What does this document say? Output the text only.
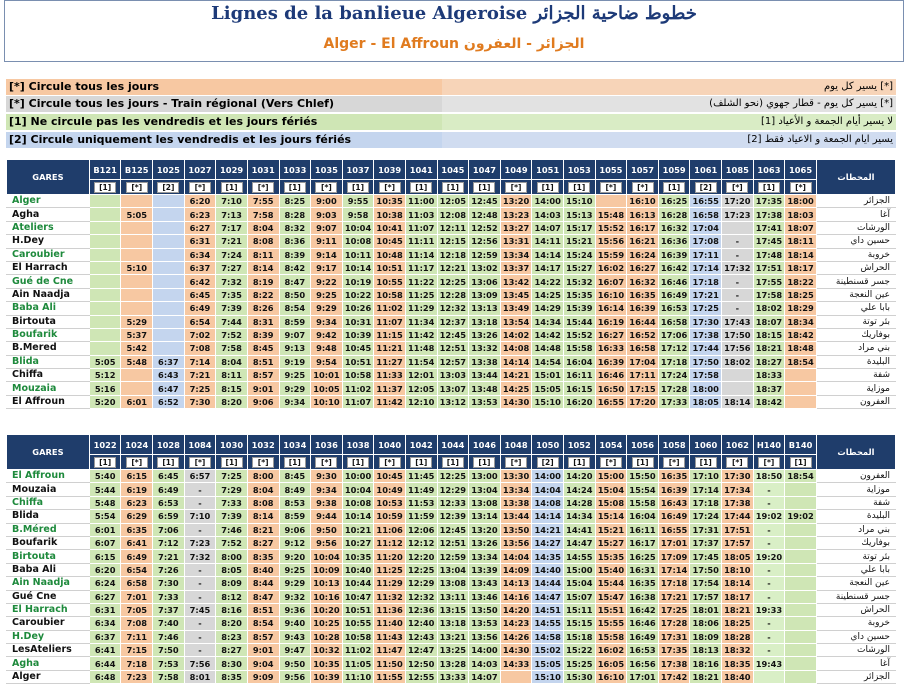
Lignes de la banlieue Algeroise خطوط ضاحية الجزائر
Alger - El Affroun الجزائر - العفرون
[*] Circule tous les jours	يسير كل يوم [*]
[*] Circule tous les jours - Train régional (Vers Chlef)	يسير كل يوم - قطار جهوي (نحو الشلف) [*]
[1] Ne circule pas les vendredis et les jours fériés	لا يسير أيام الجمعة و الأعياد [1]
[2] Circule uniquement les vendredis et les jours fériés	يسير ايام الجمعة و الاعياد فقط [2]
GARES	B121	B125	1025	1027	1029	1031	1033	1035	1037	1039	1041	1045	1047	1049	1051	1053	1055	1057	1059	1061	1085	1063	1065	المحطات
	[1]	[*]	[2]	[*]	[1]	[*]	[1]	[*]	[1]	[*]	[1]	[1]	[1]	[*]	[1]	[1]	[*]	[*]	[1]	[2]	[*]	[1]	[*]	
Alger				6:20	7:10	7:55	8:25	9:00	9:55	10:35	11:00	12:05	12:45	13:20	14:00	15:10		16:10	16:25	16:55	17:20	17:35	18:00	الجزائر
Agha		5:05		6:23	7:13	7:58	8:28	9:03	9:58	10:38	11:03	12:08	12:48	13:23	14:03	15:13	15:48	16:13	16:28	16:58	17:23	17:38	18:03	آغا
Ateliers				6:27	7:17	8:04	8:32	9:07	10:04	10:41	11:07	12:11	12:52	13:27	14:07	15:17	15:52	16:17	16:32	17:04		17:41	18:07	الورشات
H.Dey				6:31	7:21	8:08	8:36	9:11	10:08	10:45	11:11	12:15	12:56	13:31	14:11	15:21	15:56	16:21	16:36	17:08	-	17:45	18:11	حسين داي
Caroubier				6:34	7:24	8:11	8:39	9:14	10:11	10:48	11:14	12:18	12:59	13:34	14:14	15:24	15:59	16:24	16:39	17:11	-	17:48	18:14	خروبة
El Harrach		5:10		6:37	7:27	8:14	8:42	9:17	10:14	10:51	11:17	12:21	13:02	13:37	14:17	15:27	16:02	16:27	16:42	17:14	17:32	17:51	18:17	الحراش
Gué de Cne				6:42	7:32	8:19	8:47	9:22	10:19	10:55	11:22	12:25	13:06	13:42	14:22	15:32	16:07	16:32	16:46	17:18	-	17:55	18:22	جسر قسنطينة
Ain Naadja				6:45	7:35	8:22	8:50	9:25	10:22	10:58	11:25	12:28	13:09	13:45	14:25	15:35	16:10	16:35	16:49	17:21	-	17:58	18:25	عين النعجة
Baba Ali				6:49	7:39	8:26	8:54	9:29	10:26	11:02	11:29	12:32	13:13	13:49	14:29	15:39	16:14	16:39	16:53	17:25	-	18:02	18:29	بابا علي
Birtouta		5:29		6:54	7:44	8:31	8:59	9:34	10:31	11:07	11:34	12:37	13:18	13:54	14:34	15:44	16:19	16:44	16:58	17:30	17:43	18:07	18:34	بئر توتة
Boufarik		5:37		7:02	7:52	8:39	9:07	9:42	10:39	11:15	11:42	12:45	13:26	14:02	14:42	15:52	16:27	16:52	17:06	17:38	17:50	18:15	18:42	بوفاريك
B.Mered		5:42		7:08	7:58	8:45	9:13	9:48	10:45	11:21	11:48	12:51	13:32	14:08	14:48	15:58	16:33	16:58	17:12	17:44	17:56	18:21	18:48	بني مراد
Blida	5:05	5:48	6:37	7:14	8:04	8:51	9:19	9:54	10:51	11:27	11:54	12:57	13:38	14:14	14:54	16:04	16:39	17:04	17:18	17:50	18:02	18:27	18:54	البليدة
Chiffa	5:12		6:43	7:21	8:11	8:57	9:25	10:01	10:58	11:33	12:01	13:03	13:44	14:21	15:01	16:11	16:46	17:11	17:24	17:58		18:33		شفة
Mouzaia	5:16		6:47	7:25	8:15	9:01	9:29	10:05	11:02	11:37	12:05	13:07	13:48	14:25	15:05	16:15	16:50	17:15	17:28	18:00		18:37		موزاية
El Affroun	5:20	6:01	6:52	7:30	8:20	9:06	9:34	10:10	11:07	11:42	12:10	13:12	13:53	14:30	15:10	16:20	16:55	17:20	17:33	18:05	18:14	18:42		العفرون
GARES	1022	1024	1028	1084	1030	1032	1034	1036	1038	1040	1042	1044	1046	1048	1050	1052	1054	1056	1058	1060	1062	H140	B140	المحطات
	[1]	[*]	[1]	[*]	[1]	[*]	[1]	[*]	[1]	[*]	[1]	[1]	[1]	[*]	[2]	[1]	[*]	[1]	[*]	[1]	[*]	[*]	[1]	
El Affroun	5:40	6:15	6:45	6:57	7:25	8:00	8:45	9:30	10:00	10:45	11:45	12:25	13:00	13:30	14:00	14:20	15:00	15:50	16:35	17:10	17:30	18:50	18:54	العفرون
Mouzaia	5:44	6:19	6:49	-	7:29	8:04	8:49	9:34	10:04	10:49	11:49	12:29	13:04	13:34	14:04	14:24	15:04	15:54	16:39	17:14	17:34	-		موزاية
Chiffa	5:48	6:23	6:53	-	7:33	8:08	8:53	9:38	10:08	10:53	11:53	12:33	13:08	13:38	14:08	14:28	15:08	15:58	16:43	17:18	17:38	-		شفة
Blida	5:54	6:29	6:59	7:10	7:39	8:14	8:59	9:44	10:14	10:59	11:59	12:39	13:14	13:44	14:14	14:34	15:14	16:04	16:49	17:24	17:44	19:02	19:02	البليدة
B.Méred	6:01	6:35	7:06	-	7:46	8:21	9:06	9:50	10:21	11:06	12:06	12:45	13:20	13:50	14:21	14:41	15:21	16:11	16:55	17:31	17:51	-		بني مراد
Boufarik	6:07	6:41	7:12	7:23	7:52	8:27	9:12	9:56	10:27	11:12	12:12	12:51	13:26	13:56	14:27	14:47	15:27	16:17	17:01	17:37	17:57	-		بوفاريك
Birtouta	6:15	6:49	7:21	7:32	8:00	8:35	9:20	10:04	10:35	11:20	12:20	12:59	13:34	14:04	14:35	14:55	15:35	16:25	17:09	17:45	18:05	19:20		بئر توتة
Baba Ali	6:20	6:54	7:26	-	8:05	8:40	9:25	10:09	10:40	11:25	12:25	13:04	13:39	14:09	14:40	15:00	15:40	16:31	17:14	17:50	18:10	-		بابا علي
Ain Naadja	6:24	6:58	7:30	-	8:09	8:44	9:29	10:13	10:44	11:29	12:29	13:08	13:43	14:13	14:44	15:04	15:44	16:35	17:18	17:54	18:14	-		عين النعجة
Gué Cne	6:27	7:01	7:33	-	8:12	8:47	9:32	10:16	10:47	11:32	12:32	13:11	13:46	14:16	14:47	15:07	15:47	16:38	17:21	17:57	18:17	-		جسر قسنطينة
El Harrach	6:31	7:05	7:37	7:45	8:16	8:51	9:36	10:20	10:51	11:36	12:36	13:15	13:50	14:20	14:51	15:11	15:51	16:42	17:25	18:01	18:21	19:33		الحراش
Caroubier	6:34	7:08	7:40	-	8:20	8:54	9:40	10:25	10:55	11:40	12:40	13:18	13:53	14:23	14:55	15:15	15:55	16:46	17:28	18:06	18:25	-		خروبة
H.Dey	6:37	7:11	7:46	-	8:23	8:57	9:43	10:28	10:58	11:43	12:43	13:21	13:56	14:26	14:58	15:18	15:58	16:49	17:31	18:09	18:28	-		حسين داي
LesAteliers	6:41	7:15	7:50	-	8:27	9:01	9:47	10:32	11:02	11:47	12:47	13:25	14:00	14:30	15:02	15:22	16:02	16:53	17:35	18:13	18:32	-		الورشات
Agha	6:44	7:18	7:53	7:56	8:30	9:04	9:50	10:35	11:05	11:50	12:50	13:28	14:03	14:33	15:05	15:25	16:05	16:56	17:38	18:16	18:35	19:43		آغا
Alger	6:48	7:23	7:58	8:01	8:35	9:09	9:56	10:39	11:10	11:55	12:55	13:33	14:07		15:10	15:30	16:10	17:01	17:42	18:21	18:40			الجزائر
